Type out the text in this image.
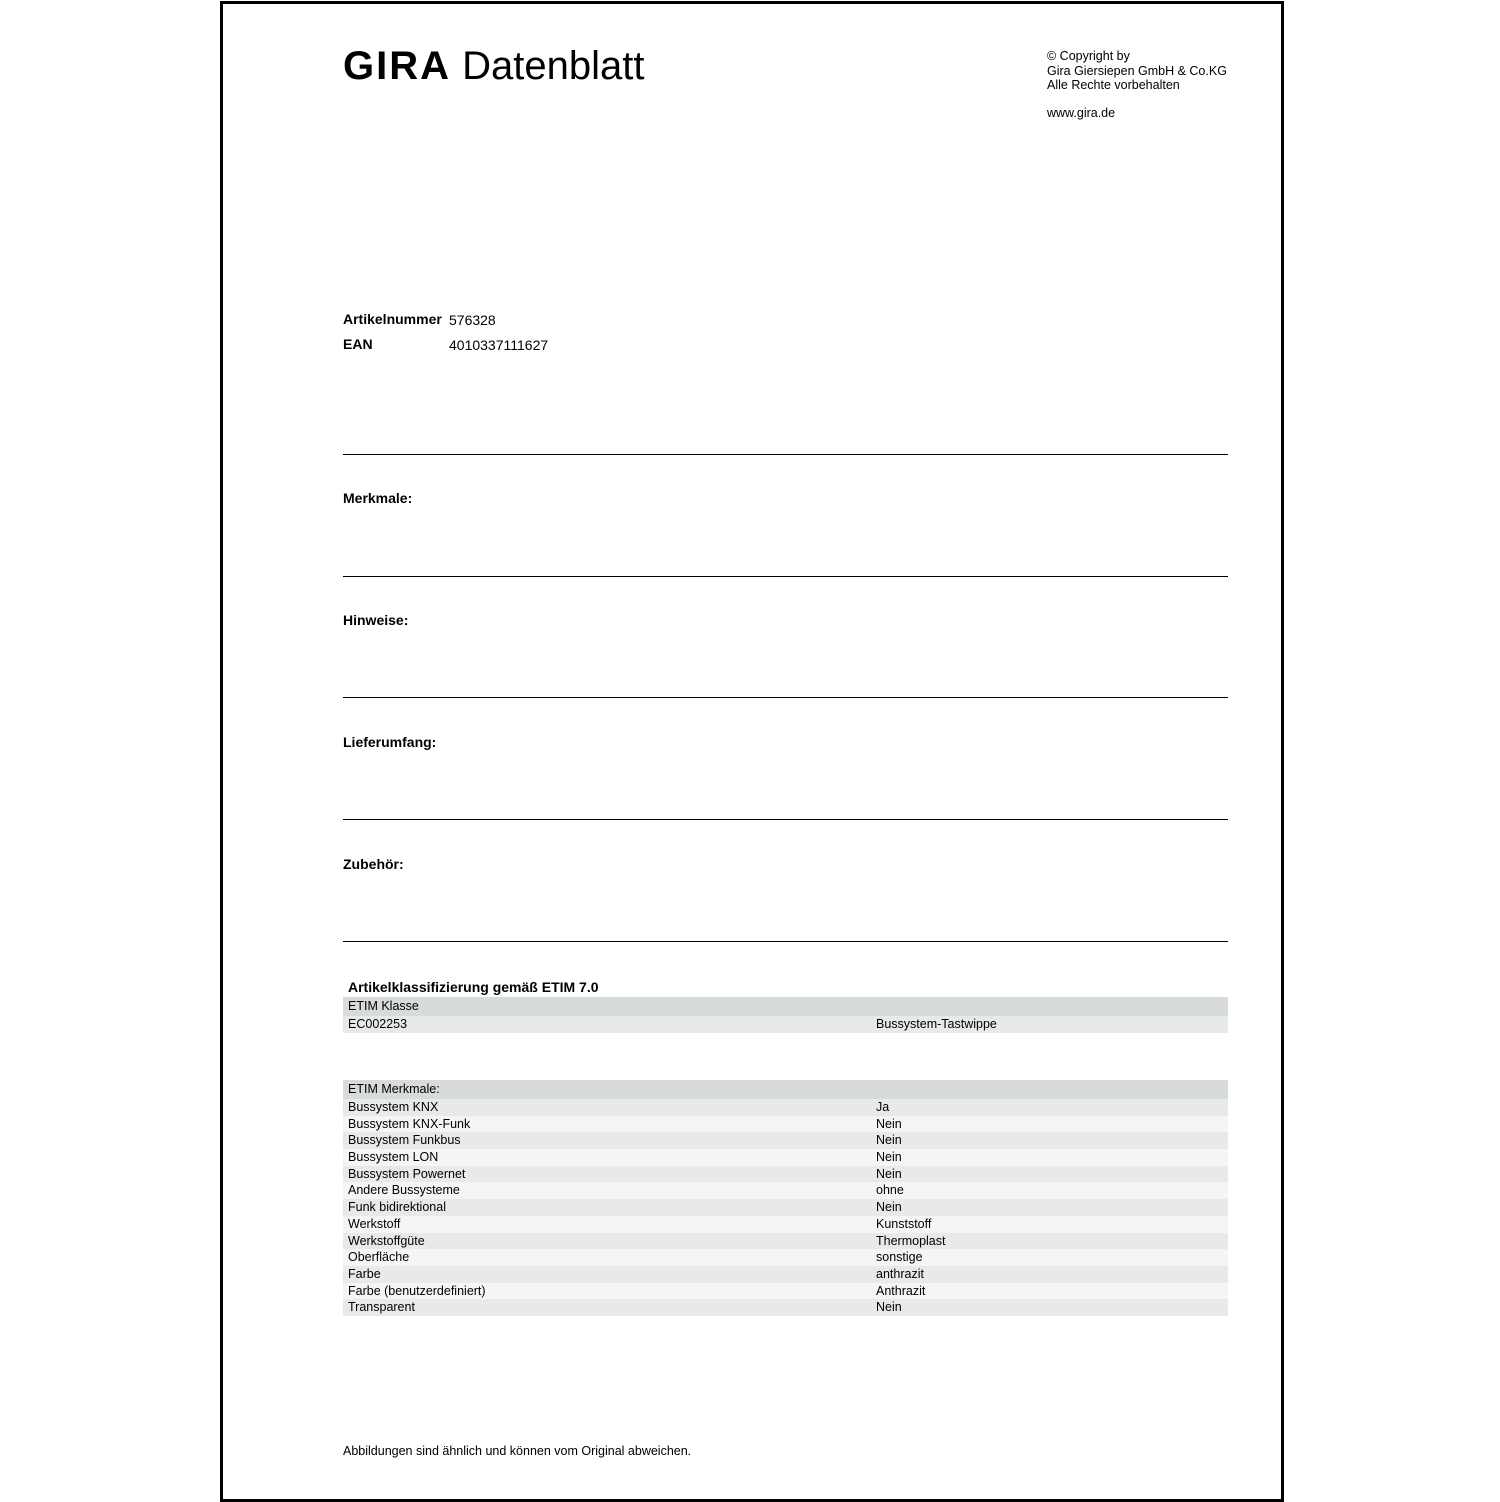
GIRA Datenblatt	© Copyright by
Gira Giersiepen GmbH & Co.KG
Alle Rechte vorbehalten
www.gira.de
Artikelnummer 576328
EAN	4010337111627
Merkmale:
Hinweise:
Lieferumfang:
Zubehör:
Artikelklassifizierung gemäß ETIM 7.0
ETIM Klasse
EC002253	Bussystem-Tastwippe
ETIM Merkmale:
Bussystem KNX	Ja
Bussystem KNX-Funk	Nein
Bussystem Funkbus	Nein
Bussystem LON	Nein
Bussystem Powernet	Nein
Andere Bussysteme	ohne
Funk bidirektional	Nein
Werkstoff	Kunststoff
Werkstoffgüte	Thermoplast
Oberfläche	sonstige
Farbe	anthrazit
Farbe (benutzerdefiniert)	Anthrazit
Transparent	Nein
Abbildungen sind ähnlich und können vom Original abweichen.
